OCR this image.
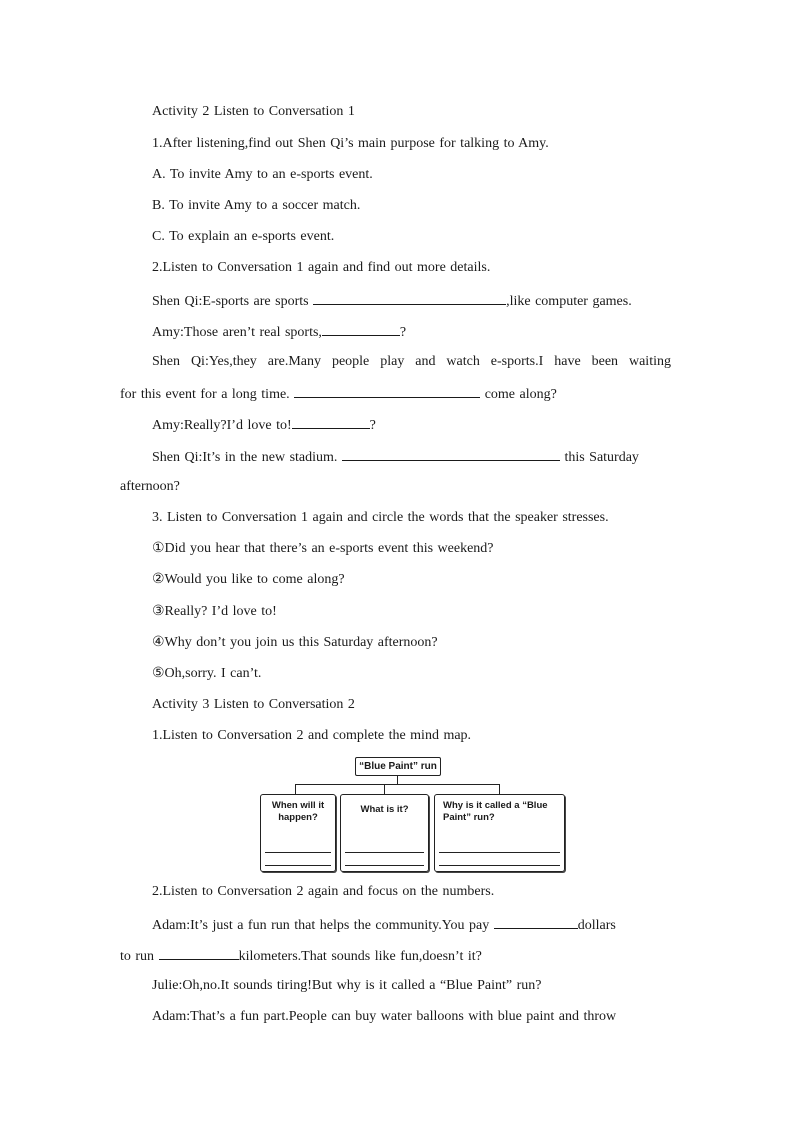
Activity 2 Listen to Conversation 1
1.After listening,find out Shen Qi’s main purpose for talking to Amy.
A. To invite Amy to an e-sports event.
B. To invite Amy to a soccer match.
C. To explain an e-sports event.
2.Listen to Conversation 1 again and find out more details.
Shen Qi:E-sports are sports	,like computer games.
Amy:Those aren’t real sports,	?
Shen Qi:Yes,they are.Many people play and watch e-sports.I have been waiting
for this event for a long time.	come along?
Amy:Really?I’d love to!	?
Shen Qi:It’s in the new stadium.	this Saturday
afternoon?
3. Listen to Conversation 1 again and circle the words that the speaker stresses.
①Did you hear that there’s an e-sports event this weekend?
②Would you like to come along?
③Really? I’d love to!
④Why don’t you join us this Saturday afternoon?
⑤Oh,sorry. I can’t.
Activity 3 Listen to Conversation 2
1.Listen to Conversation 2 and complete the mind map.
“Blue Paint” run
When will it happen?
What is it?	Why is it called a “Blue Paint” run?
2.Listen to Conversation 2 again and focus on the numbers.
Adam:It’s just a fun run that helps the community.You pay	dollars
to run	kilometers.That sounds like fun,doesn’t it?
Julie:Oh,no.It sounds tiring!But why is it called a “Blue Paint” run?
Adam:That’s a fun part.People can buy water balloons with blue paint and throw
